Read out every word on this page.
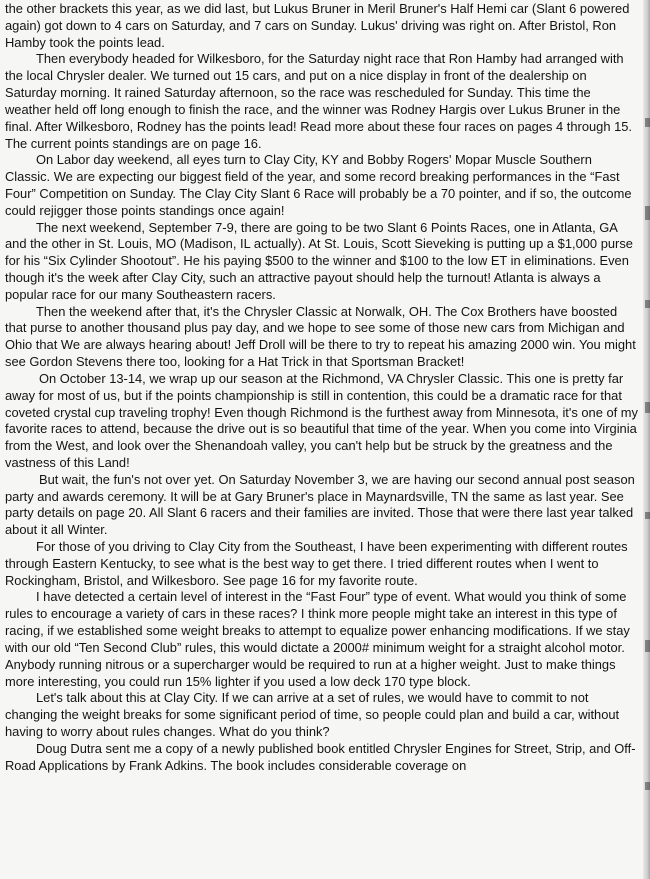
the other brackets this year, as we did last, but Lukus Bruner in Meril Bruner's Half Hemi car (Slant 6 powered again) got down to 4 cars on Saturday, and 7 cars on Sunday. Lukus' driving was right on. After Bristol, Ron Hamby took the points lead.

Then everybody headed for Wilkesboro, for the Saturday night race that Ron Hamby had arranged with the local Chrysler dealer. We turned out 15 cars, and put on a nice display in front of the dealership on Saturday morning. It rained Saturday afternoon, so the race was rescheduled for Sunday. This time the weather held off long enough to finish the race, and the winner was Rodney Hargis over Lukus Bruner in the final. After Wilkesboro, Rodney has the points lead! Read more about these four races on pages 4 through 15. The current points standings are on page 16.

On Labor day weekend, all eyes turn to Clay City, KY and Bobby Rogers' Mopar Muscle Southern Classic. We are expecting our biggest field of the year, and some record breaking performances in the “Fast Four” Competition on Sunday. The Clay City Slant 6 Race will probably be a 70 pointer, and if so, the outcome could rejigger those points standings once again!

The next weekend, September 7-9, there are going to be two Slant 6 Points Races, one in Atlanta, GA and the other in St. Louis, MO (Madison, IL actually). At St. Louis, Scott Sieveking is putting up a $1,000 purse for his “Six Cylinder Shootout”. He his paying $500 to the winner and $100 to the low ET in eliminations. Even though it's the week after Clay City, such an attractive payout should help the turnout! Atlanta is always a popular race for our many Southeastern racers.

Then the weekend after that, it's the Chrysler Classic at Norwalk, OH. The Cox Brothers have boosted that purse to another thousand plus pay day, and we hope to see some of those new cars from Michigan and Ohio that We are always hearing about! Jeff Droll will be there to try to repeat his amazing 2000 win. You might see Gordon Stevens there too, looking for a Hat Trick in that Sportsman Bracket!

On October 13-14, we wrap up our season at the Richmond, VA Chrysler Classic. This one is pretty far away for most of us, but if the points championship is still in contention, this could be a dramatic race for that coveted crystal cup traveling trophy! Even though Richmond is the furthest away from Minnesota, it's one of my favorite races to attend, because the drive out is so beautiful that time of the year. When you come into Virginia from the West, and look over the Shenandoah valley, you can't help but be struck by the greatness and the vastness of this Land!

But wait, the fun's not over yet. On Saturday November 3, we are having our second annual post season party and awards ceremony. It will be at Gary Bruner's place in Maynardsville, TN the same as last year. See party details on page 20. All Slant 6 racers and their families are invited. Those that were there last year talked about it all Winter.

For those of you driving to Clay City from the Southeast, I have been experimenting with different routes through Eastern Kentucky, to see what is the best way to get there. I tried different routes when I went to Rockingham, Bristol, and Wilkesboro. See page 16 for my favorite route.

I have detected a certain level of interest in the “Fast Four” type of event. What would you think of some rules to encourage a variety of cars in these races? I think more people might take an interest in this type of racing, if we established some weight breaks to attempt to equalize power enhancing modifications. If we stay with our old “Ten Second Club” rules, this would dictate a 2000# minimum weight for a straight alcohol motor. Anybody running nitrous or a supercharger would be required to run at a higher weight. Just to make things more interesting, you could run 15% lighter if you used a low deck 170 type block.

Let's talk about this at Clay City. If we can arrive at a set of rules, we would have to commit to not changing the weight breaks for some significant period of time, so people could plan and build a car, without having to worry about rules changes. What do you think?

Doug Dutra sent me a copy of a newly published book entitled Chrysler Engines for Street, Strip, and Off-Road Applications by Frank Adkins. The book includes considerable coverage on
